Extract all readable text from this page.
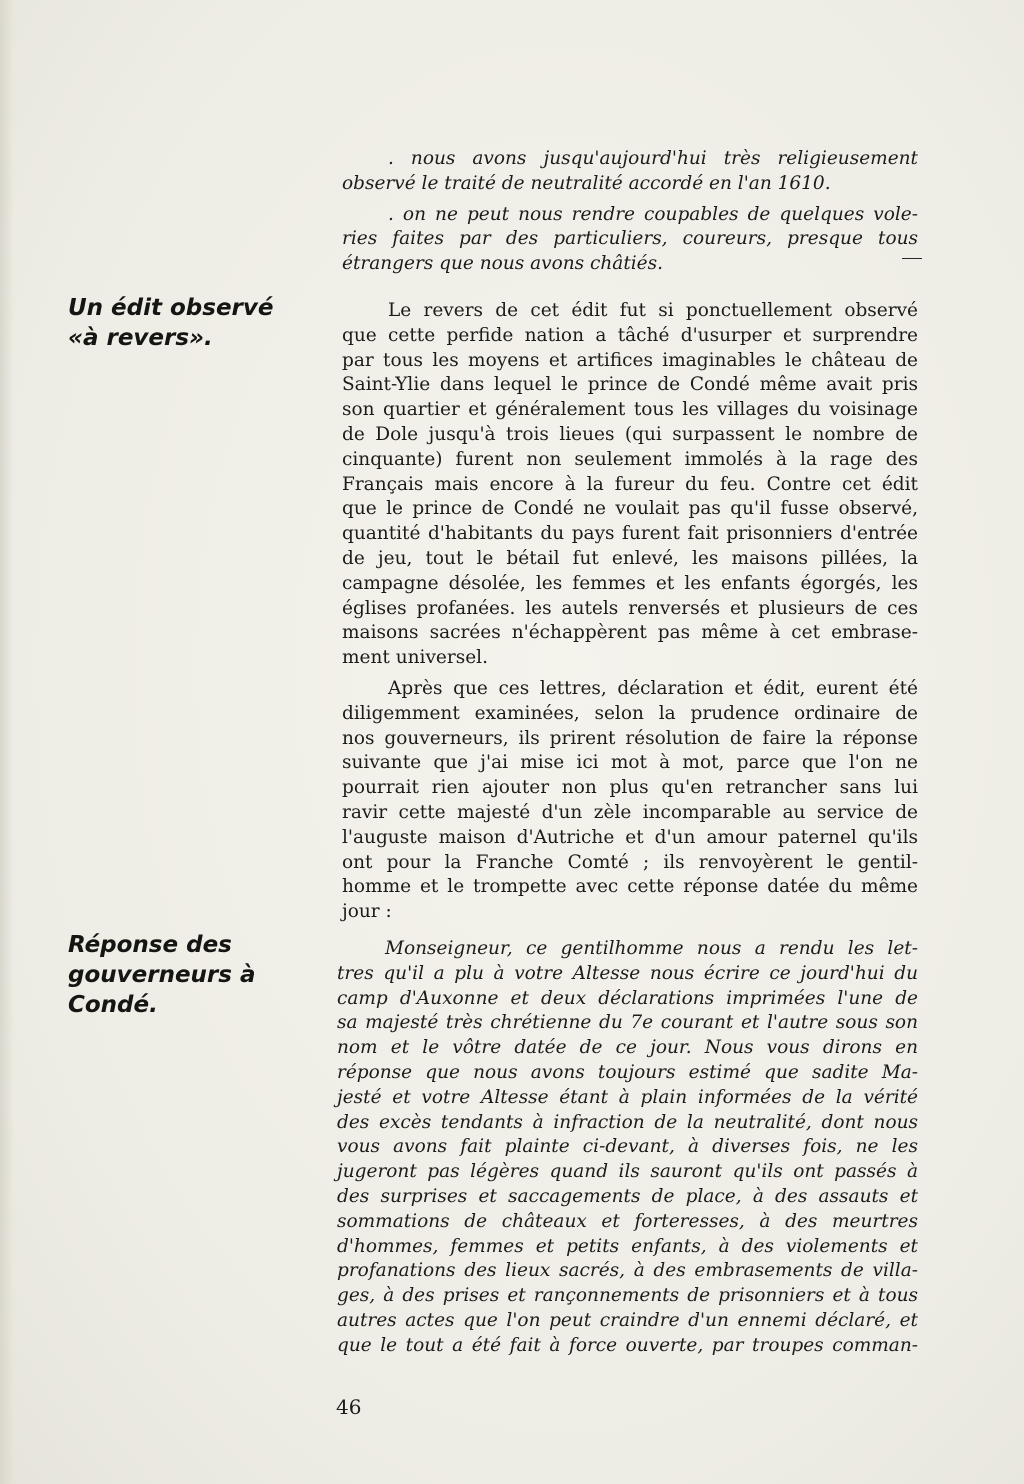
Un édit observé
«à revers».
Réponse des
gouverneurs à
Condé.
. nous avons jusqu'aujourd'hui très religieusement
observé le traité de neutralité accordé en l'an 1610.
. on ne peut nous rendre coupables de quelques vole-
ries faites par des particuliers, coureurs, presque tous
étrangers que nous avons châtiés.
Le revers de cet édit fut si ponctuellement observé
que cette perfide nation a tâché d'usurper et surprendre
par tous les moyens et artifices imaginables le château de
Saint-Ylie dans lequel le prince de Condé même avait pris
son quartier et généralement tous les villages du voisinage
de Dole jusqu'à trois lieues (qui surpassent le nombre de
cinquante) furent non seulement immolés à la rage des
Français mais encore à la fureur du feu. Contre cet édit
que le prince de Condé ne voulait pas qu'il fusse observé,
quantité d'habitants du pays furent fait prisonniers d'entrée
de jeu, tout le bétail fut enlevé, les maisons pillées, la
campagne désolée, les femmes et les enfants égorgés, les
églises profanées. les autels renversés et plusieurs de ces
maisons sacrées n'échappèrent pas même à cet embrase-
ment universel.
Après que ces lettres, déclaration et édit, eurent été
diligemment examinées, selon la prudence ordinaire de
nos gouverneurs, ils prirent résolution de faire la réponse
suivante que j'ai mise ici mot à mot, parce que l'on ne
pourrait rien ajouter non plus qu'en retrancher sans lui
ravir cette majesté d'un zèle incomparable au service de
l'auguste maison d'Autriche et d'un amour paternel qu'ils
ont pour la Franche Comté ; ils renvoyèrent le gentil-
homme et le trompette avec cette réponse datée du même
jour :
Monseigneur, ce gentilhomme nous a rendu les let-
tres qu'il a plu à votre Altesse nous écrire ce jourd'hui du
camp d'Auxonne et deux déclarations imprimées l'une de
sa majesté très chrétienne du 7e courant et l'autre sous son
nom et le vôtre datée de ce jour. Nous vous dirons en
réponse que nous avons toujours estimé que sadite Ma-
jesté et votre Altesse étant à plain informées de la vérité
des excès tendants à infraction de la neutralité, dont nous
vous avons fait plainte ci-devant, à diverses fois, ne les
jugeront pas légères quand ils sauront qu'ils ont passés à
des surprises et saccagements de place, à des assauts et
sommations de châteaux et forteresses, à des meurtres
d'hommes, femmes et petits enfants, à des violements et
profanations des lieux sacrés, à des embrasements de villa-
ges, à des prises et rançonnements de prisonniers et à tous
autres actes que l'on peut craindre d'un ennemi déclaré, et
que le tout a été fait à force ouverte, par troupes comman-
46
